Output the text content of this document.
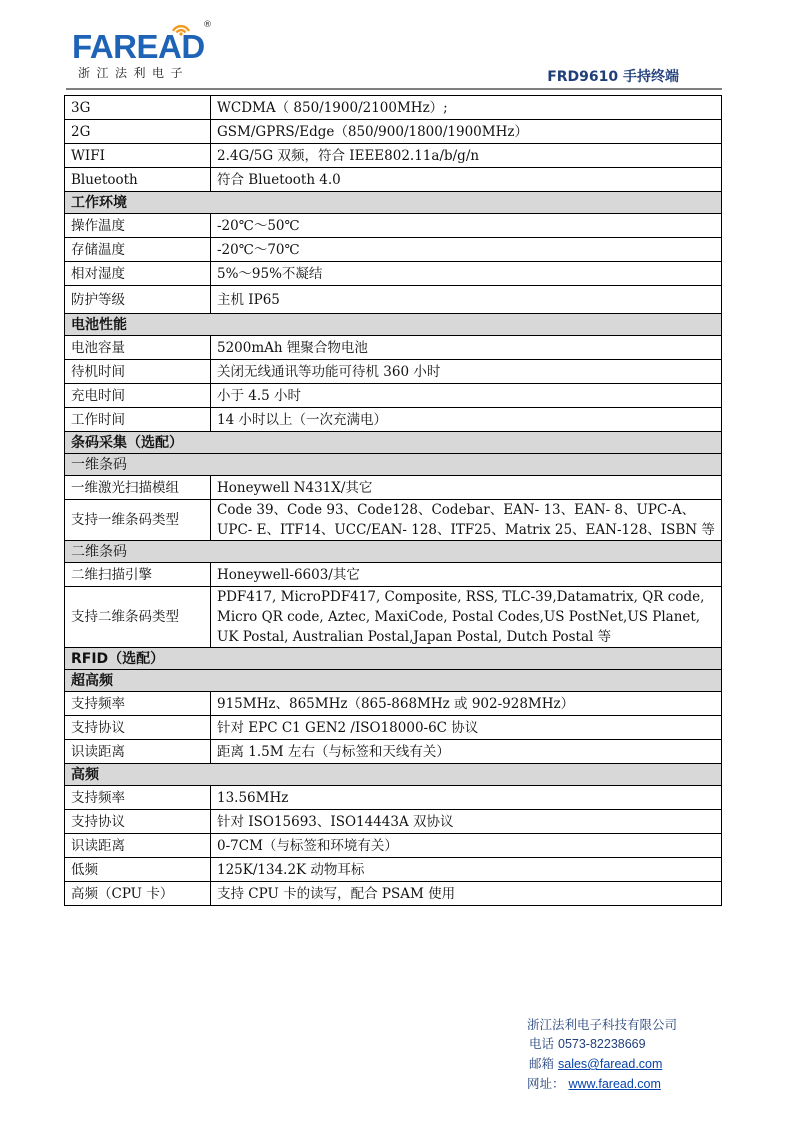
FAREAD
®
浙江法利电子	FRD9610 手持终端
3G	WCDMA（ 850/1900/2100MHz）;
2G	GSM/GPRS/Edge（850/900/1800/1900MHz）
WIFI	2.4G/5G 双频，符合 IEEE802.11a/b/g/n
Bluetooth	符合 Bluetooth 4.0
工作环境	
操作温度	-20℃～50℃
存储温度	-20℃～70℃
相对湿度	5%～95%不凝结
防护等级	主机 IP65
电池性能	
电池容量	5200mAh 锂聚合物电池
待机时间	关闭无线通讯等功能可待机 360 小时
充电时间	小于 4.5 小时
工作时间	14 小时以上（一次充满电）
条码采集（选配）	
一维条码	
一维激光扫描模组	Honeywell N431X/其它
支持一维条码类型	Code 39、Code 93、Code128、Codebar、EAN- 13、EAN- 8、UPC-A、UPC- E、ITF14、UCC/EAN- 128、ITF25、Matrix 25、EAN-128、ISBN 等
二维条码	
二维扫描引擎	Honeywell-6603/其它
支持二维条码类型	PDF417, MicroPDF417, Composite, RSS, TLC-39,Datamatrix, QR code, Micro QR code, Aztec, MaxiCode, Postal Codes,US PostNet,US Planet, UK Postal, Australian Postal,Japan Postal, Dutch Postal 等
RFID（选配）	
超高频	
支持频率	915MHz、865MHz（865-868MHz 或 902-928MHz）
支持协议	针对 EPC C1 GEN2 /ISO18000-6C 协议
识读距离	距离 1.5M 左右（与标签和天线有关）
高频	
支持频率	13.56MHz
支持协议	针对 ISO15693、ISO14443A 双协议
识读距离	0-7CM（与标签和环境有关）
低频	125K/134.2K 动物耳标
高频（CPU 卡）	支持 CPU 卡的读写，配合 PSAM 使用
浙江法利电子科技有限公司
电话 0573-82238669
邮箱 sales@faread.com
网址： www.faread.com
